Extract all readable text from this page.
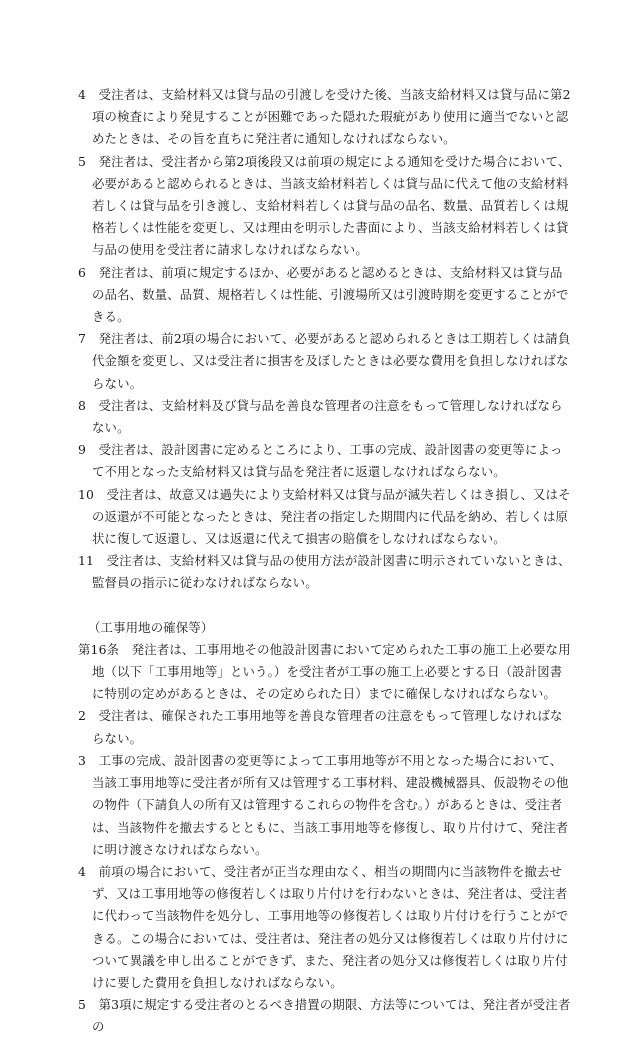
4　 受注者は、支給材料又は貸与品の引渡しを受けた後、当該支給材料又は貸与品に第2項の検査により発見することが困難であった隠れた瑕疵があり使用に適当でないと認めたときは、その旨を直ちに発注者に通知しなければならない。

5　 発注者は、受注者から第2項後段又は前項の規定による通知を受けた場合において、必要があると認められるときは、当該支給材料若しくは貸与品に代えて他の支給材料若しくは貸与品を引き渡し、支給材料若しくは貸与品の品名、数量、品質若しくは規格若しくは性能を変更し、又は理由を明示した書面により、当該支給材料若しくは貸与品の使用を受注者に請求しなければならない。

6　 発注者は、前項に規定するほか、必要があると認めるときは、支給材料又は貸与品の品名、数量、品質、規格若しくは性能、引渡場所又は引渡時期を変更することができる。

7　 発注者は、前2項の場合において、必要があると認められるときは工期若しくは請負代金額を変更し、又は受注者に損害を及ぼしたときは必要な費用を負担しなければならない。

8　 受注者は、支給材料及び貸与品を善良な管理者の注意をもって管理しなければならない。

9　 受注者は、設計図書に定めるところにより、工事の完成、設計図書の変更等によって不用となった支給材料又は貸与品を発注者に返還しなければならない。

10　 受注者は、故意又は過失により支給材料又は貸与品が滅失若しくはき損し、又はその返還が不可能となったときは、発注者の指定した期間内に代品を納め、若しくは原状に復して返還し、又は返還に代えて損害の賠償をしなければならない。

11　 受注者は、支給材料又は貸与品の使用方法が設計図書に明示されていないときは、監督員の指示に従わなければならない。

（工事用地の確保等）

第16条　 発注者は、工事用地その他設計図書において定められた工事の施工上必要な用地（以下「工事用地等」という。）を受注者が工事の施工上必要とする日（設計図書に特別の定めがあるときは、その定められた日）までに確保しなければならない。

2　 受注者は、確保された工事用地等を善良な管理者の注意をもって管理しなければならない。

3　 工事の完成、設計図書の変更等によって工事用地等が不用となった場合において、当該工事用地等に受注者が所有又は管理する工事材料、建設機械器具、仮設物その他の物件（下請負人の所有又は管理するこれらの物件を含む。）があるときは、受注者は、当該物件を撤去するとともに、当該工事用地等を修復し、取り片付けて、発注者に明け渡さなければならない。

4　 前項の場合において、受注者が正当な理由なく、相当の期間内に当該物件を撤去せず、又は工事用地等の修復若しくは取り片付けを行わないときは、発注者は、受注者に代わって当該物件を処分し、工事用地等の修復若しくは取り片付けを行うことができる。この場合においては、受注者は、発注者の処分又は修復若しくは取り片付けについて異議を申し出ることができず、また、発注者の処分又は修復若しくは取り片付けに要した費用を負担しなければならない。

5　 第3項に規定する受注者のとるべき措置の期限、方法等については、発注者が受注者の
